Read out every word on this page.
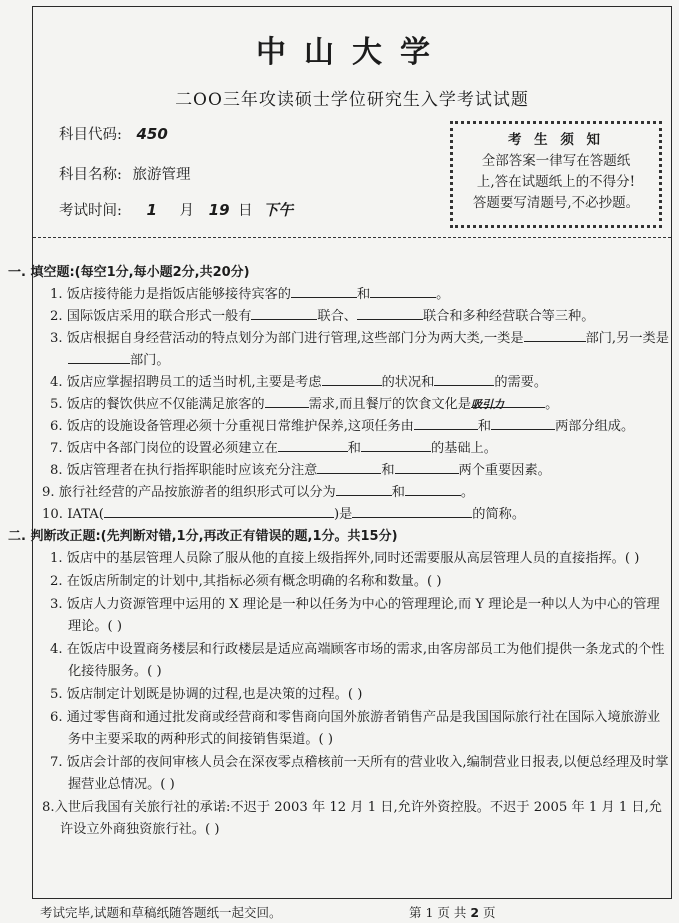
中山大学
二OO三年攻读硕士学位研究生入学考试试题
科目代码: 450
科目名称: 旅游管理
考试时间: 1 月 19 日 下午
考 生 须 知
全部答案一律写在答题纸
上,答在试题纸上的不得分!
答题要写清题号,不必抄题。
一. 填空题:(每空1分,每小题2分,共20分)

1. 饭店接待能力是指饭店能够接待宾客的	和	。

2. 国际饭店采用的联合形式一般有	联合、	联合和多种经营联合等三种。

3. 饭店根据自身经营活动的特点划分为部门进行管理,这些部门分为两大类,一类是	部门,另一类是部门。

4. 饭店应掌握招聘员工的适当时机,主要是考虑	的状况和	的需要。

5. 饭店的餐饮供应不仅能满足旅客的	需求,而且餐厅的饮食文化是吸引力	。

6. 饭店的设施设备管理必须十分重视日常维护保养,这项任务由	和	两部分组成。

7. 饭店中各部门岗位的设置必须建立在	和	的基础上。

8. 饭店管理者在执行指挥职能时应该充分注意	和	两个重要因素。

9. 旅行社经营的产品按旅游者的组织形式可以分为	和	。

10. IATA(	)是	的简称。

二. 判断改正题:(先判断对错,1分,再改正有错误的题,1分。共15分)

1. 饭店中的基层管理人员除了服从他的直接上级指挥外,同时还需要服从高层管理人员的直接指挥。( )

2. 在饭店所制定的计划中,其指标必须有概念明确的名称和数量。( )

3. 饭店人力资源管理中运用的 X 理论是一种以任务为中心的管理理论,而 Y 理论是一种以人为中心的管理理论。( )

4. 在饭店中设置商务楼层和行政楼层是适应高端顾客市场的需求,由客房部员工为他们提供一条龙式的个性化接待服务。( )

5. 饭店制定计划既是协调的过程,也是决策的过程。( )

6. 通过零售商和通过批发商或经营商和零售商向国外旅游者销售产品是我国国际旅行社在国际入境旅游业务中主要采取的两种形式的间接销售渠道。( )

7. 饭店会计部的夜间审核人员会在深夜零点稽核前一天所有的营业收入,编制营业日报表,以便总经理及时掌握营业总情况。( )

8.入世后我国有关旅行社的承诺:不迟于 2003 年 12 月 1 日,允许外资控股。不迟于 2005 年 1 月 1 日,允许设立外商独资旅行社。( )

考试完毕,试题和草稿纸随答题纸一起交回。	第 1 页 共 2 页
